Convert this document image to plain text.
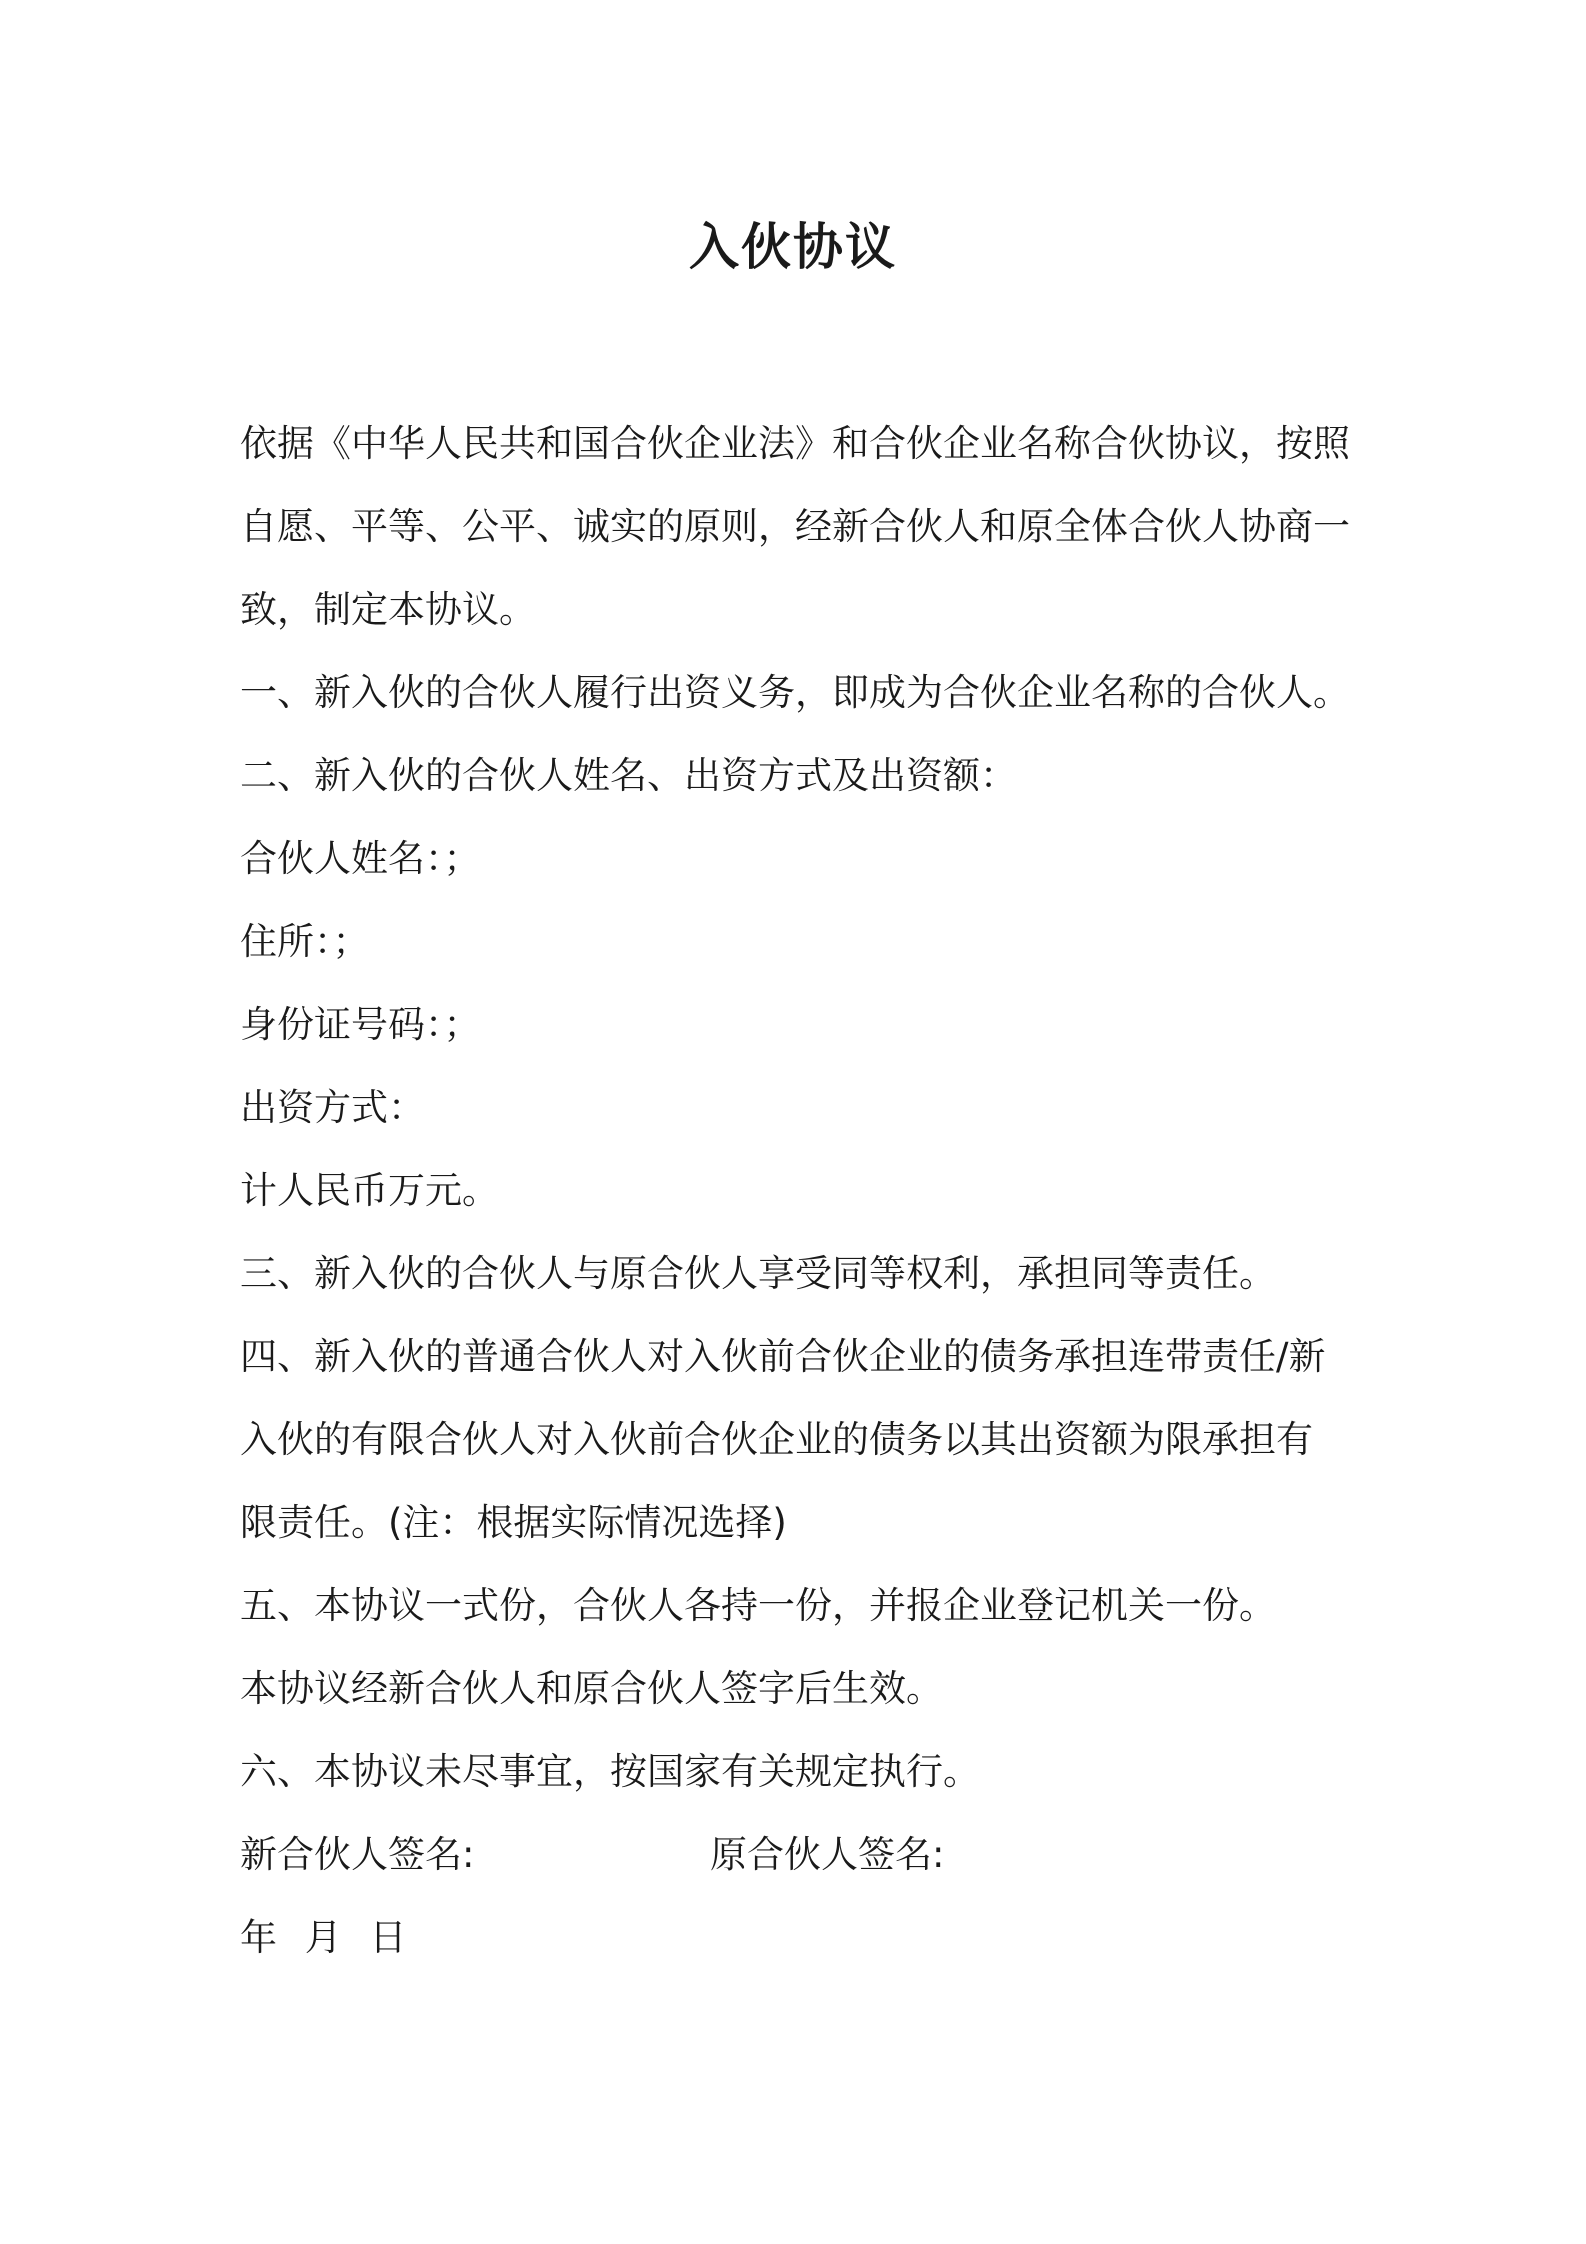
入伙协议
依据《中华人民共和国合伙企业法》和合伙企业名称合伙协议，按照
自愿、平等、公平、诚实的原则，经新合伙人和原全体合伙人协商一
致，制定本协议。
一、新入伙的合伙人履行出资义务，即成为合伙企业名称的合伙人。
二、新入伙的合伙人姓名、出资方式及出资额：
合伙人姓名：；
住所：；
身份证号码：；
出资方式：
计人民币万元。
三、新入伙的合伙人与原合伙人享受同等权利，承担同等责任。
四、新入伙的普通合伙人对入伙前合伙企业的债务承担连带责任/新
入伙的有限合伙人对入伙前合伙企业的债务以其出资额为限承担有
限责任。(注：根据实际情况选择)
五、本协议一式份，合伙人各持一份，并报企业登记机关一份。
本协议经新合伙人和原合伙人签字后生效。
六、本协议未尽事宜，按国家有关规定执行。
新合伙人签名:	原合伙人签名:
年 月 日
